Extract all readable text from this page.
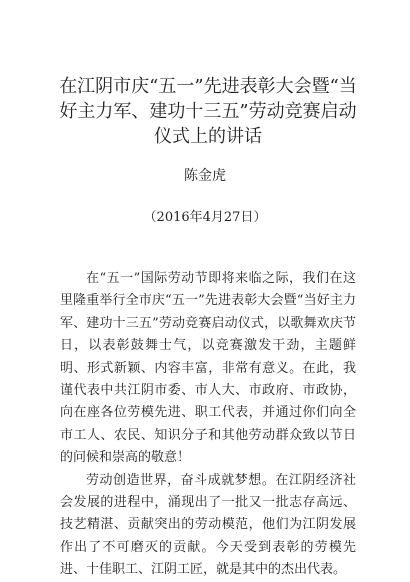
在江阴市庆“五一”先进表彰大会暨“当好主力军、建功十三五”劳动竞赛启动仪式上的讲话
陈金虎
（2016年4月27日）

在“五一”国际劳动节即将来临之际，我们在这里隆重举行全市庆“五一”先进表彰大会暨“当好主力军、建功十三五”劳动竞赛启动仪式，以歌舞欢庆节日，以表彰鼓舞士气，以竞赛激发干劲，主题鲜明、形式新颖、内容丰富，非常有意义。在此，我谨代表中共江阴市委、市人大、市政府、市政协，向在座各位劳模先进、职工代表，并通过你们向全市工人、农民、知识分子和其他劳动群众致以节日的问候和崇高的敬意！

劳动创造世界，奋斗成就梦想。在江阴经济社会发展的进程中，涌现出了一批又一批志存高远、技艺精湛、贡献突出的劳动模范，他们为江阴发展作出了不可磨灭的贡献。今天受到表彰的劳模先进、十佳职工、江阴工匠，就是其中的杰出代表。
